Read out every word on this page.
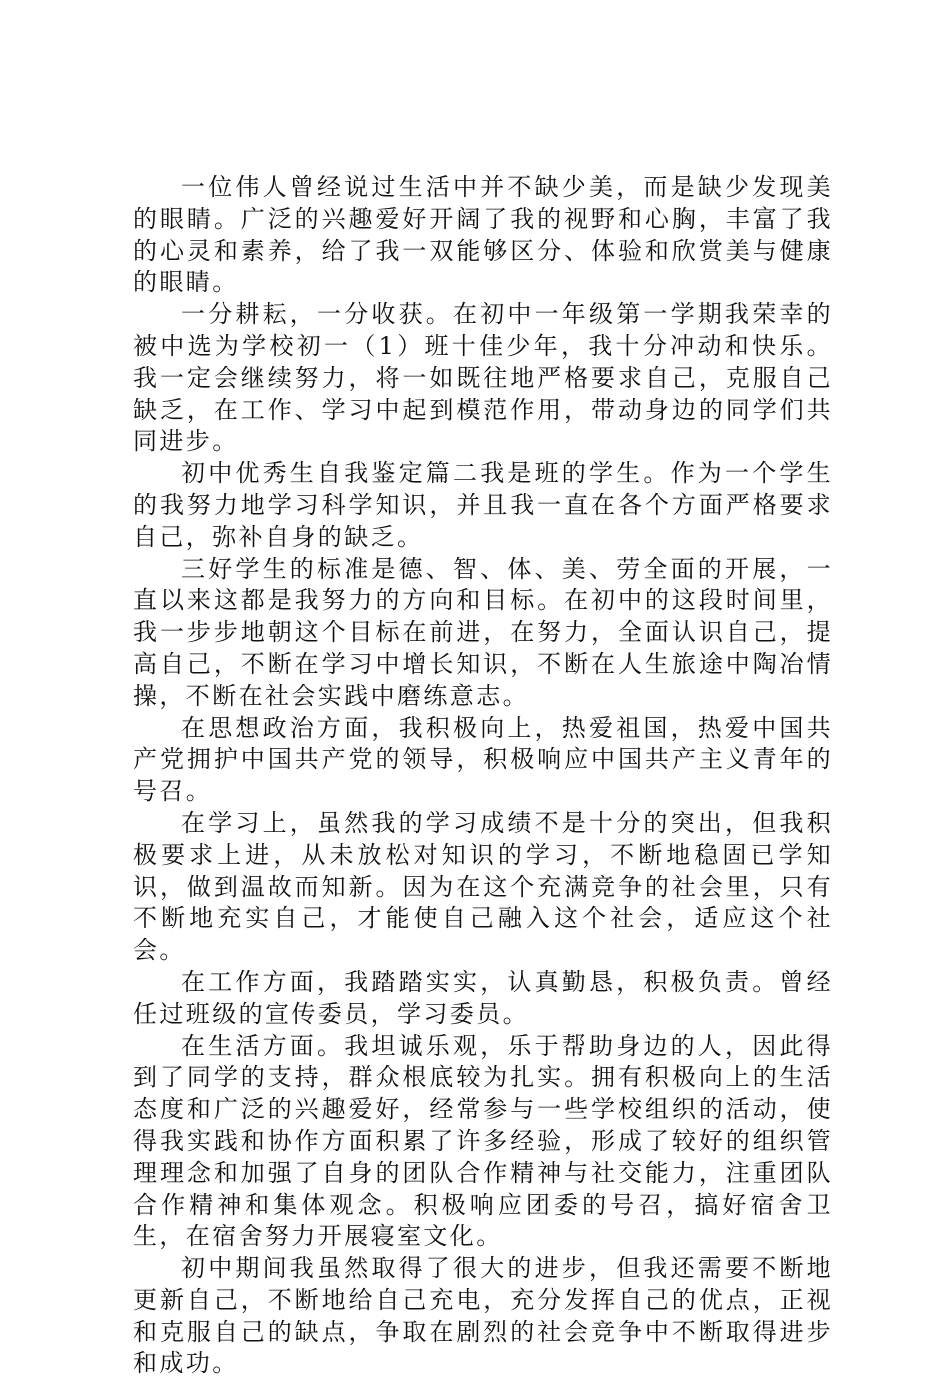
一位伟人曾经说过生活中并不缺少美，而是缺少发现美的眼睛。广泛的兴趣爱好开阔了我的视野和心胸，丰富了我的心灵和素养，给了我一双能够区分、体验和欣赏美与健康的眼睛。

一分耕耘，一分收获。在初中一年级第一学期我荣幸的被中选为学校初一（1）班十佳少年，我十分冲动和快乐。我一定会继续努力，将一如既往地严格要求自己，克服自己缺乏，在工作、学习中起到模范作用，带动身边的同学们共同进步。

初中优秀生自我鉴定篇二我是班的学生。作为一个学生的我努力地学习科学知识，并且我一直在各个方面严格要求自己，弥补自身的缺乏。

三好学生的标准是德、智、体、美、劳全面的开展，一直以来这都是我努力的方向和目标。在初中的这段时间里，我一步步地朝这个目标在前进，在努力，全面认识自己，提高自己，不断在学习中增长知识，不断在人生旅途中陶冶情操，不断在社会实践中磨练意志。

在思想政治方面，我积极向上，热爱祖国，热爱中国共产党拥护中国共产党的领导，积极响应中国共产主义青年的号召。

在学习上，虽然我的学习成绩不是十分的突出，但我积极要求上进，从未放松对知识的学习，不断地稳固已学知识，做到温故而知新。因为在这个充满竞争的社会里，只有不断地充实自己，才能使自己融入这个社会，适应这个社会。

在工作方面，我踏踏实实，认真勤恳，积极负责。曾经任过班级的宣传委员，学习委员。

在生活方面。我坦诚乐观，乐于帮助身边的人，因此得到了同学的支持，群众根底较为扎实。拥有积极向上的生活态度和广泛的兴趣爱好，经常参与一些学校组织的活动，使得我实践和协作方面积累了许多经验，形成了较好的组织管理理念和加强了自身的团队合作精神与社交能力，注重团队合作精神和集体观念。积极响应团委的号召，搞好宿舍卫生，在宿舍努力开展寝室文化。

初中期间我虽然取得了很大的进步，但我还需要不断地更新自己，不断地给自己充电，充分发挥自己的优点，正视和克服自己的缺点，争取在剧烈的社会竞争中不断取得进步和成功。
